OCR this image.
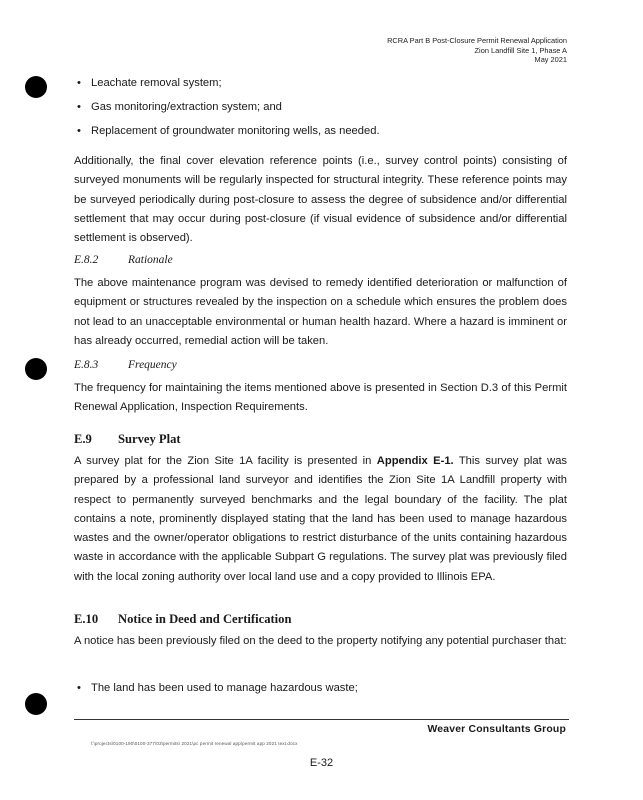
RCRA Part B Post-Closure Permit Renewal Application
Zion Landfill Site 1, Phase A
May 2021
• Leachate removal system;
• Gas monitoring/extraction system; and
• Replacement of groundwater monitoring wells, as needed.

Additionally, the final cover elevation reference points (i.e., survey control points) consisting of surveyed monuments will be regularly inspected for structural integrity. These reference points may be surveyed periodically during post-closure to assess the degree of subsidence and/or differential settlement that may occur during post-closure (if visual evidence of subsidence and/or differential settlement is observed).

E.8.2	Rationale

The above maintenance program was devised to remedy identified deterioration or malfunction of equipment or structures revealed by the inspection on a schedule which ensures the problem does not lead to an unacceptable environmental or human health hazard. Where a hazard is imminent or has already occurred, remedial action will be taken.

E.8.3	Frequency

The frequency for maintaining the items mentioned above is presented in Section D.3 of this Permit Renewal Application, Inspection Requirements.

E.9 Survey Plat

A survey plat for the Zion Site 1A facility is presented in Appendix E-1. This survey plat was prepared by a professional land surveyor and identifies the Zion Site 1A Landfill property with respect to permanently surveyed benchmarks and the legal boundary of the facility. The plat contains a note, prominently displayed stating that the land has been used to manage hazardous wastes and the owner/operator obligations to restrict disturbance of the units containing hazardous waste in accordance with the applicable Subpart G regulations. The survey plat was previously filed with the local zoning authority over local land use and a copy provided to Illinois EPA.

E.10 Notice in Deed and Certification

A notice has been previously filed on the deed to the property notifying any potential purchaser that:

• The land has been used to manage hazardous waste;
Weaver Consultants Group
l:\projects\0100-190\0100-377\03\permits\ 2021\pc permit renewal app\permit app 2021 text.docx
E-32
